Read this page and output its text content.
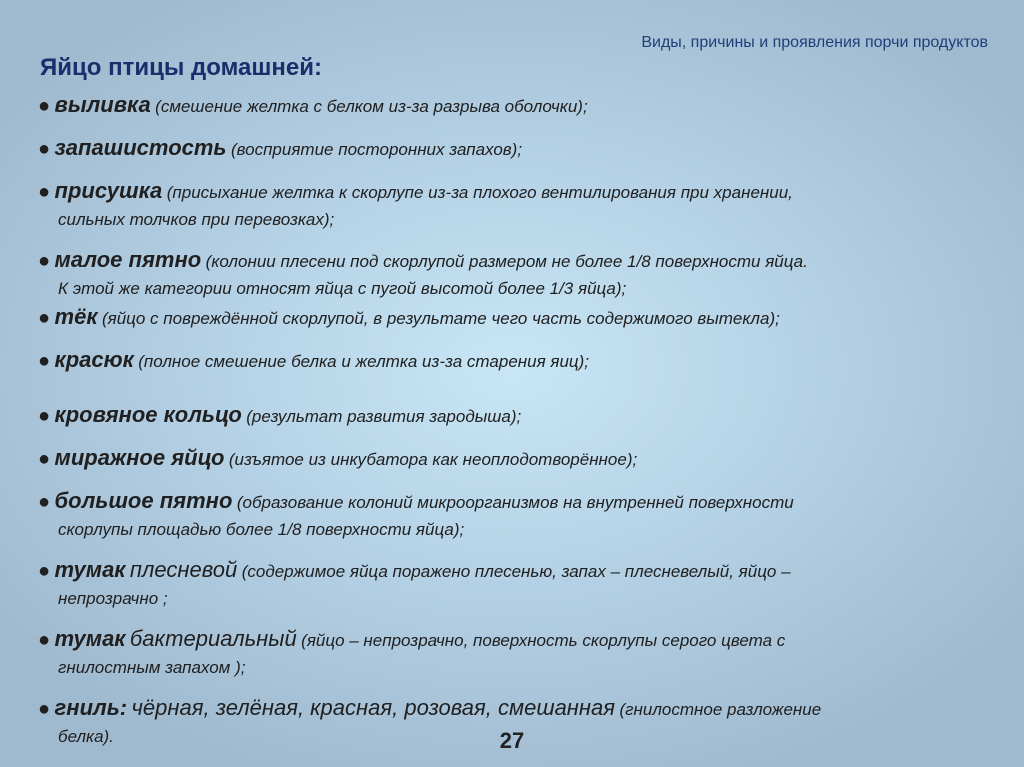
Виды, причины и проявления порчи продуктов
Яйцо птицы домашней:
● выливка (смешение желтка с белком из-за разрыва оболочки);
● запашистость (восприятие посторонних запахов);
● присушка (присыхание желтка к скорлупе из-за плохого вентилирования при хранении,
сильных толчков при перевозках);
● малое пятно (колонии плесени под скорлупой размером не более 1/8 поверхности яйца.
К этой же категории относят яйца с пугой высотой более 1/3 яйца);
● тёк (яйцо с повреждённой скорлупой, в результате чего часть содержимого вытекла);
● красюк (полное смешение белка и желтка из-за старения яиц);
● кровяное кольцо (результат развития зародыша);
● миражное яйцо (изъятое из инкубатора как неоплодотворённое);
● большое пятно (образование колоний микроорганизмов на внутренней поверхности
скорлупы площадью более 1/8 поверхности яйца);
● тумак плесневой (содержимое яйца поражено плесенью, запах – плесневелый, яйцо –
непрозрачно ;
● тумак бактериальный (яйцо – непрозрачно, поверхность скорлупы серого цвета с
гнилостным запахом );
● гниль: чёрная, зелёная, красная, розовая, смешанная (гнилостное разложение
белка).	27
